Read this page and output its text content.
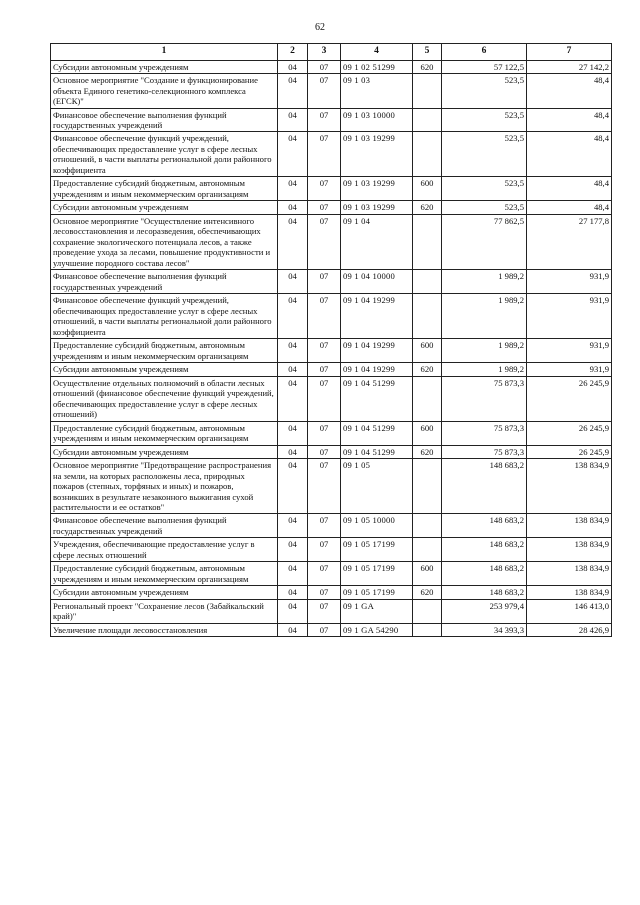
62
1	2	3	4	5	6	7
Субсидии автономным учреждениям	04	07	09 1 02 51299	620	57 122,5	27 142,2
Основное мероприятие "Создание и функционирование объекта Единого генетико-селекционного комплекса (ЕГСК)"	04	07	09 1 03		523,5	48,4
Финансовое обеспечение выполнения функций государственных учреждений	04	07	09 1 03 10000		523,5	48,4
Финансовое обеспечение функций учреждений, обеспечивающих предоставление услуг в сфере лесных отношений, в части выплаты региональной доли районного коэффициента	04	07	09 1 03 19299		523,5	48,4
Предоставление субсидий бюджетным, автономным учреждениям и иным некоммерческим организациям	04	07	09 1 03 19299	600	523,5	48,4
Субсидии автономным учреждениям	04	07	09 1 03 19299	620	523,5	48,4
Основное мероприятие "Осуществление интенсивного лесовосстановления и лесоразведения, обеспечивающих сохранение экологического потенциала лесов, а также проведение ухода за лесами, повышение продуктивности и улучшение породного состава лесов"	04	07	09 1 04		77 862,5	27 177,8
Финансовое обеспечение выполнения функций государственных учреждений	04	07	09 1 04 10000		1 989,2	931,9
Финансовое обеспечение функций учреждений, обеспечивающих предоставление услуг в сфере лесных отношений, в части выплаты региональной доли районного коэффициента	04	07	09 1 04 19299		1 989,2	931,9
Предоставление субсидий бюджетным, автономным учреждениям и иным некоммерческим организациям	04	07	09 1 04 19299	600	1 989,2	931,9
Субсидии автономным учреждениям	04	07	09 1 04 19299	620	1 989,2	931,9
Осуществление отдельных полномочий в области лесных отношений (финансовое обеспечение функций учреждений, обеспечивающих предоставление услуг в сфере лесных отношений)	04	07	09 1 04 51299		75 873,3	26 245,9
Предоставление субсидий бюджетным, автономным учреждениям и иным некоммерческим организациям	04	07	09 1 04 51299	600	75 873,3	26 245,9
Субсидии автономным учреждениям	04	07	09 1 04 51299	620	75 873,3	26 245,9
Основное мероприятие "Предотвращение распространения на земли, на которых расположены леса, природных пожаров (степных, торфяных и иных) и пожаров, возникших в результате незаконного выжигания сухой растительности и ее остатков"	04	07	09 1 05		148 683,2	138 834,9
Финансовое обеспечение выполнения функций государственных учреждений	04	07	09 1 05 10000		148 683,2	138 834,9
Учреждения, обеспечивающие предоставление услуг в сфере лесных отношений	04	07	09 1 05 17199		148 683,2	138 834,9
Предоставление субсидий бюджетным, автономным учреждениям и иным некоммерческим организациям	04	07	09 1 05 17199	600	148 683,2	138 834,9
Субсидии автономным учреждениям	04	07	09 1 05 17199	620	148 683,2	138 834,9
Региональный проект "Сохранение лесов (Забайкальский край)"	04	07	09 1 GA		253 979,4	146 413,0
Увеличение площади лесовосстановления	04	07	09 1 GA 54290		34 393,3	28 426,9
